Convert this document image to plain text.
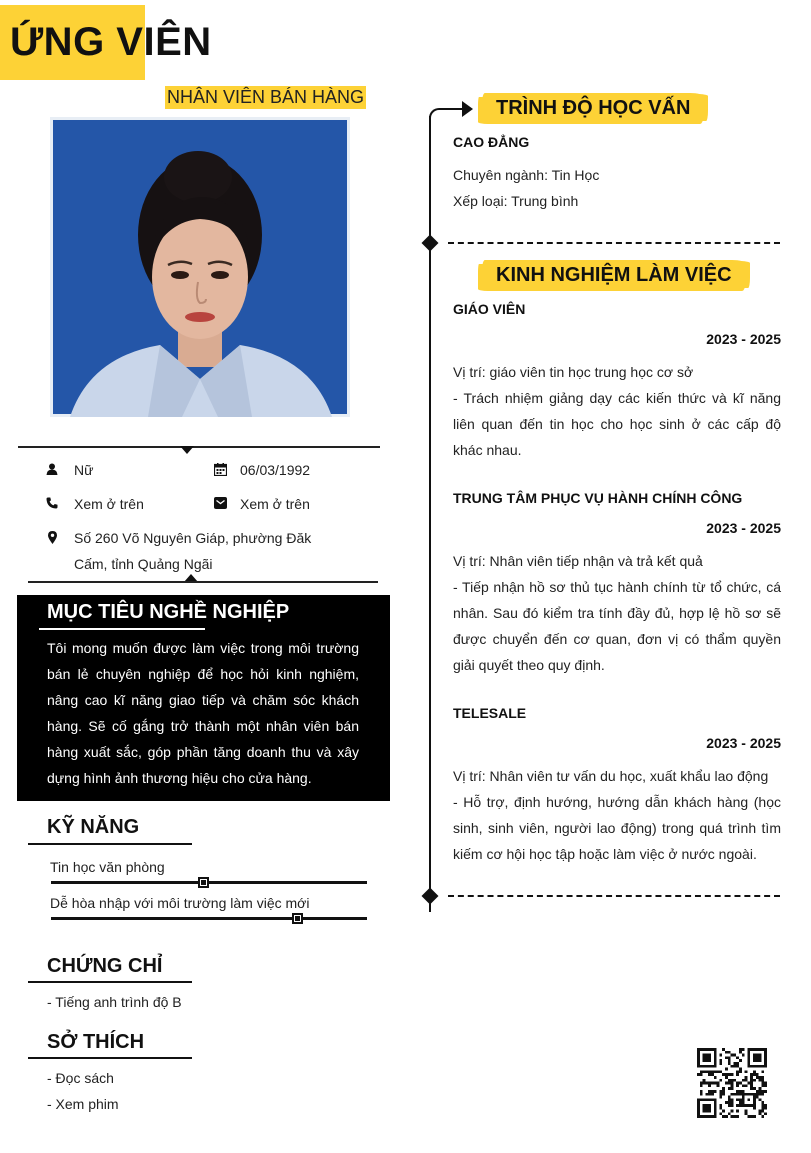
ỨNG VIÊN
NHÂN VIÊN BÁN HÀNG
Nữ	06/03/1992
Xem ở trên	Xem ở trên
Số 260 Võ Nguyên Giáp, phường Đăk Cấm, tỉnh Quảng Ngãi
MỤC TIÊU NGHỀ NGHIỆP
Tôi mong muốn được làm việc trong môi trường bán lẻ chuyên nghiệp để học hỏi kinh nghiệm, nâng cao kĩ năng giao tiếp và chăm sóc khách hàng. Sẽ cố gắng trở thành một nhân viên bán hàng xuất sắc, góp phần tăng doanh thu và xây dựng hình ảnh thương hiệu cho cửa hàng.
KỸ NĂNG
Tin học văn phòng
Dễ hòa nhập với môi trường làm việc mới
CHỨNG CHỈ
- Tiếng anh trình độ B
SỞ THÍCH
- Đọc sách
- Xem phim
TRÌNH ĐỘ HỌC VẤN
CAO ĐẲNG
Chuyên ngành: Tin Học
Xếp loại: Trung bình
KINH NGHIỆM LÀM VIỆC
GIÁO VIÊN
2023 - 2025
Vị trí: giáo viên tin học trung học cơ sở
- Trách nhiệm giảng dạy các kiến thức và kĩ năng liên quan đến tin học cho học sinh ở các cấp độ khác nhau.
TRUNG TÂM PHỤC VỤ HÀNH CHÍNH CÔNG
2023 - 2025
Vị trí: Nhân viên tiếp nhận và trả kết quả
- Tiếp nhận hồ sơ thủ tục hành chính từ tổ chức, cá nhân. Sau đó kiểm tra tính đầy đủ, hợp lệ hồ sơ sẽ được chuyển đến cơ quan, đơn vị có thẩm quyền giải quyết theo quy định.
TELESALE
2023 - 2025
Vị trí: Nhân viên tư vấn du học, xuất khẩu lao động
- Hỗ trợ, định hướng, hướng dẫn khách hàng (học sinh, sinh viên, người lao động) trong quá trình tìm kiếm cơ hội học tập hoặc làm việc ở nước ngoài.
